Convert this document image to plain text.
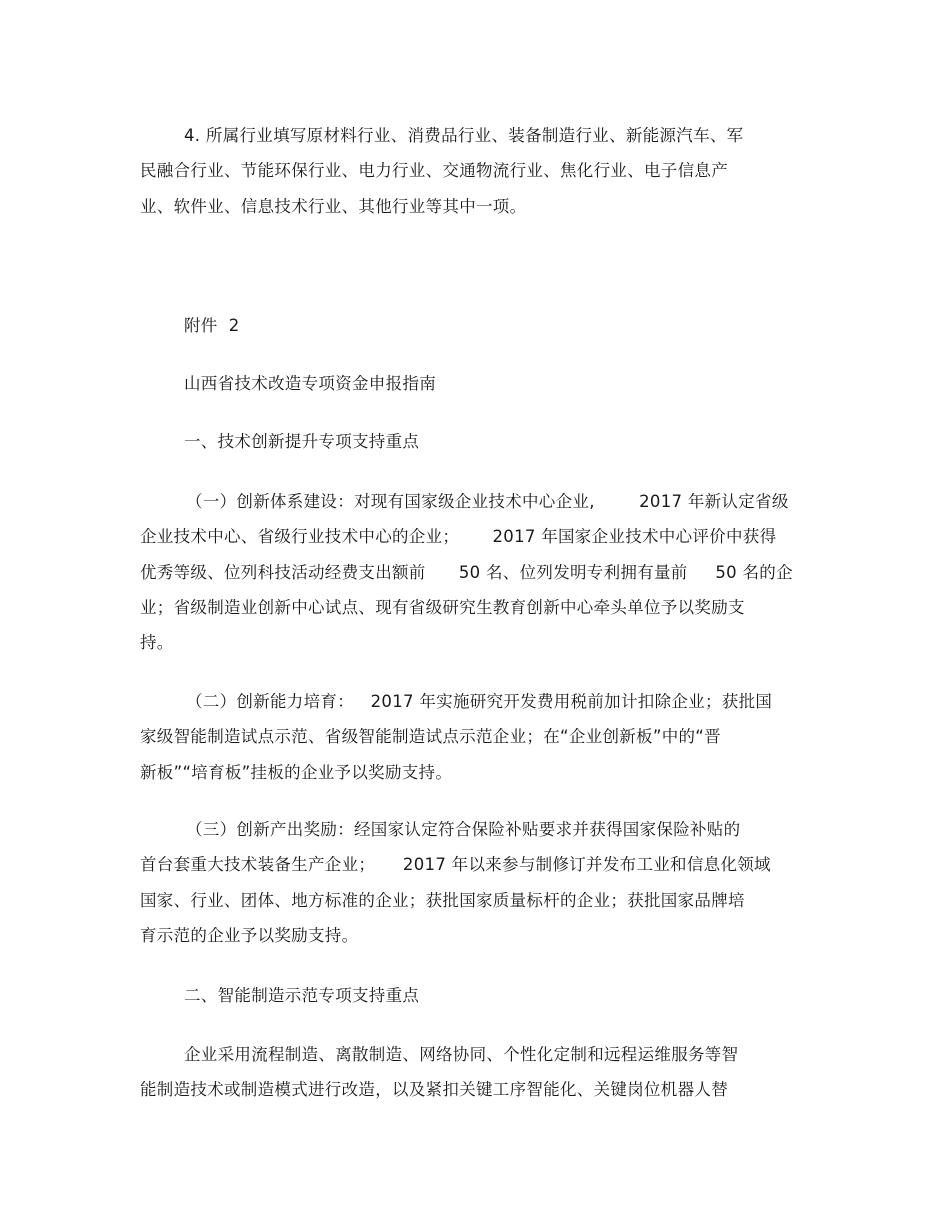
4. 所属行业填写原材料行业、消费品行业、装备制造行业、新能源汽车、军
民融合行业、节能环保行业、电力行业、交通物流行业、焦化行业、电子信息产
业、软件业、信息技术行业、其他行业等其中一项。
附件  2
山西省技术改造专项资金申报指南
一、技术创新提升专项支持重点
（一）创新体系建设：对现有国家级企业技术中心企业,        2017 年新认定省级
企业技术中心、省级行业技术中心的企业；      2017 年国家企业技术中心评价中获得
优秀等级、位列科技活动经费支出额前      50 名、位列发明专利拥有量前     50 名的企
业；省级制造业创新中心试点、现有省级研究生教育创新中心牵头单位予以奖励支
持。
（二）创新能力培育：   2017 年实施研究开发费用税前加计扣除企业；获批国
家级智能制造试点示范、省级智能制造试点示范企业；在“企业创新板”中的“晋
新板”“培育板”挂板的企业予以奖励支持。
（三）创新产出奖励：经国家认定符合保险补贴要求并获得国家保险补贴的
首台套重大技术装备生产企业；     2017 年以来参与制修订并发布工业和信息化领域
国家、行业、团体、地方标准的企业；获批国家质量标杆的企业；获批国家品牌培
育示范的企业予以奖励支持。
二、智能制造示范专项支持重点
企业采用流程制造、离散制造、网络协同、个性化定制和远程运维服务等智
能制造技术或制造模式进行改造，以及紧扣关键工序智能化、关键岗位机器人替
